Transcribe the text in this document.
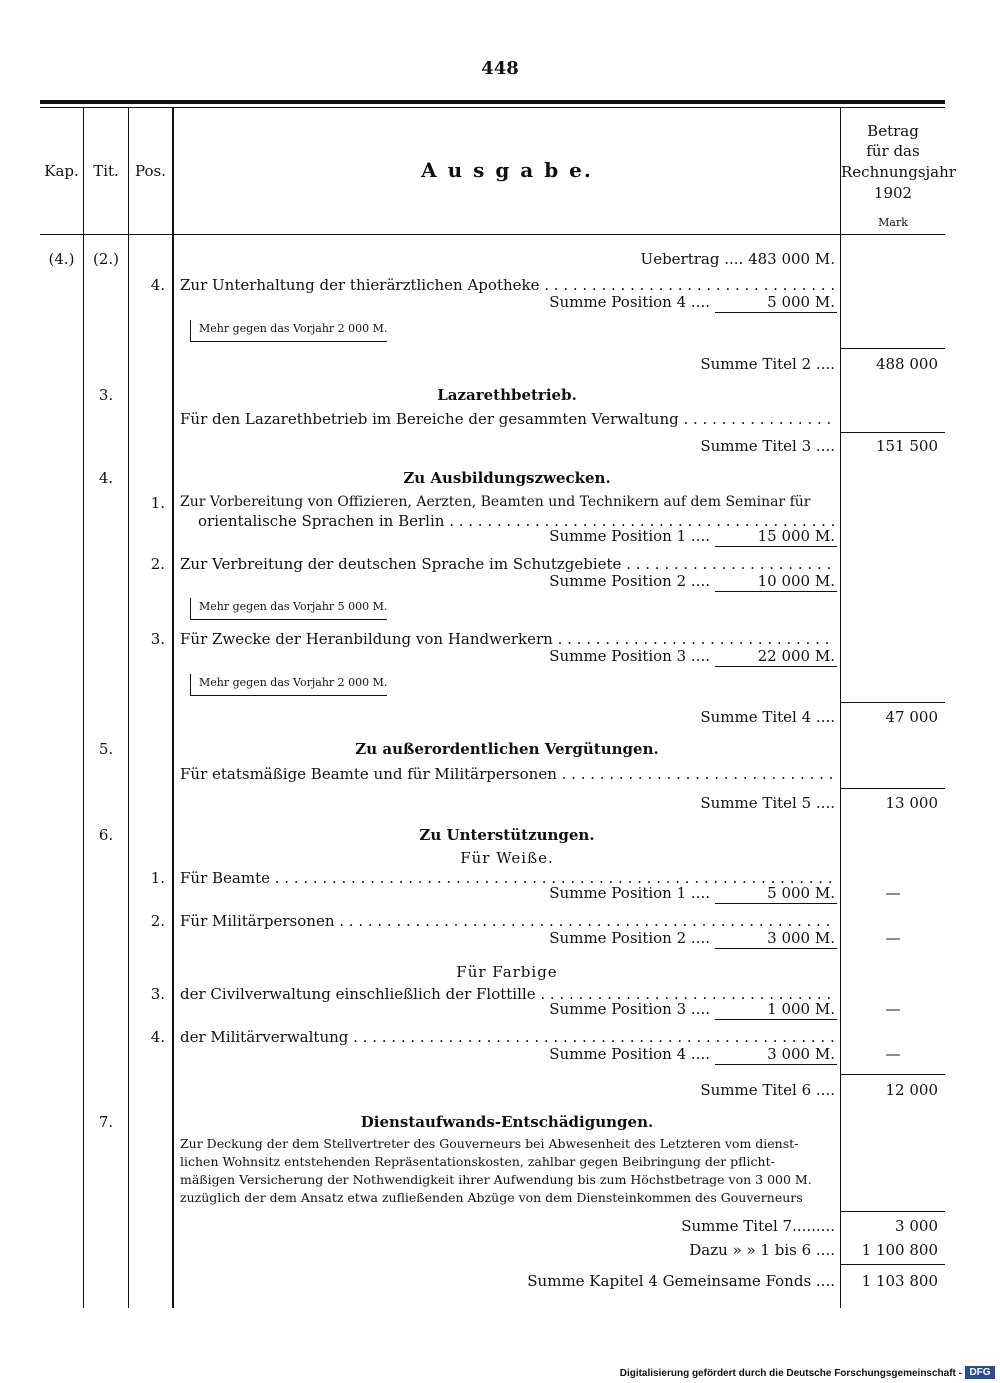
448
Kap. Tit.	Pos.	A u s g a b e.
Betrag
für das
Rechnungsjahr
1902
Mark
(4.)	(2.)	Uebertrag .... 483 000 M.
4. Zur Unterhaltung der thierärztlichen Apotheke . . .
Summe Position 4 ....	5 000 M.
Mehr gegen das Vorjahr 2 000 M.
Summe Titel 2 ....	488 000
3.	Lazarethbetrieb.
Für den Lazarethbetrieb im Bereiche der gesammten Verwaltung . . .
Summe Titel 3 ....	151 500
4.	Zu Ausbildungszwecken.
1. Zur Vorbereitung von Offizieren, Aerzten, Beamten und Technikern auf dem Seminar für
orientalische Sprachen in Berlin . . .
Summe Position 1 ....	15 000 M.
2. Zur Verbreitung der deutschen Sprache im Schutzgebiete . . .
Summe Position 2 ....	10 000 M.
Mehr gegen das Vorjahr 5 000 M.
3. Für Zwecke der Heranbildung von Handwerkern . . .
Summe Position 3 ....	22 000 M.
Mehr gegen das Vorjahr 2 000 M.
Summe Titel 4 ....	47 000
5.	Zu außerordentlichen Vergütungen.
Für etatsmäßige Beamte und für Militärpersonen . . .
Summe Titel 5 ....	13 000
6.	Zu Unterstützungen.
Für Weiße.
1. Für Beamte . . .
Summe Position 1 ....	5 000 M.	—
2. Für Militärpersonen . . .
Summe Position 2 ....	3 000 M.	—
Für Farbige
3. der Civilverwaltung einschließlich der Flottille . . .
Summe Position 3 ....	1 000 M.	—
4. der Militärverwaltung . . .
Summe Position 4 ....	3 000 M.	—
Summe Titel 6 ....	12 000
7.	Dienstaufwands-Entschädigungen.
Zur Deckung der dem Stellvertreter des Gouverneurs bei Abwesenheit des Letzteren vom dienst-
lichen Wohnsitz entstehenden Repräsentationskosten, zahlbar gegen Beibringung der pflicht-
mäßigen Versicherung der Nothwendigkeit ihrer Aufwendung bis zum Höchstbetrage von 3 000 M.
zuzüglich der dem Ansatz etwa zufließenden Abzüge von dem Diensteinkommen des Gouverneurs
Summe Titel 7.........	3 000
Dazu » » 1 bis 6 ....	1 100 800
Summe Kapitel 4 Gemeinsame Fonds ....	1 103 800
Digitalisierung gefördert durch die Deutsche Forschungsgemeinschaft - DFG
